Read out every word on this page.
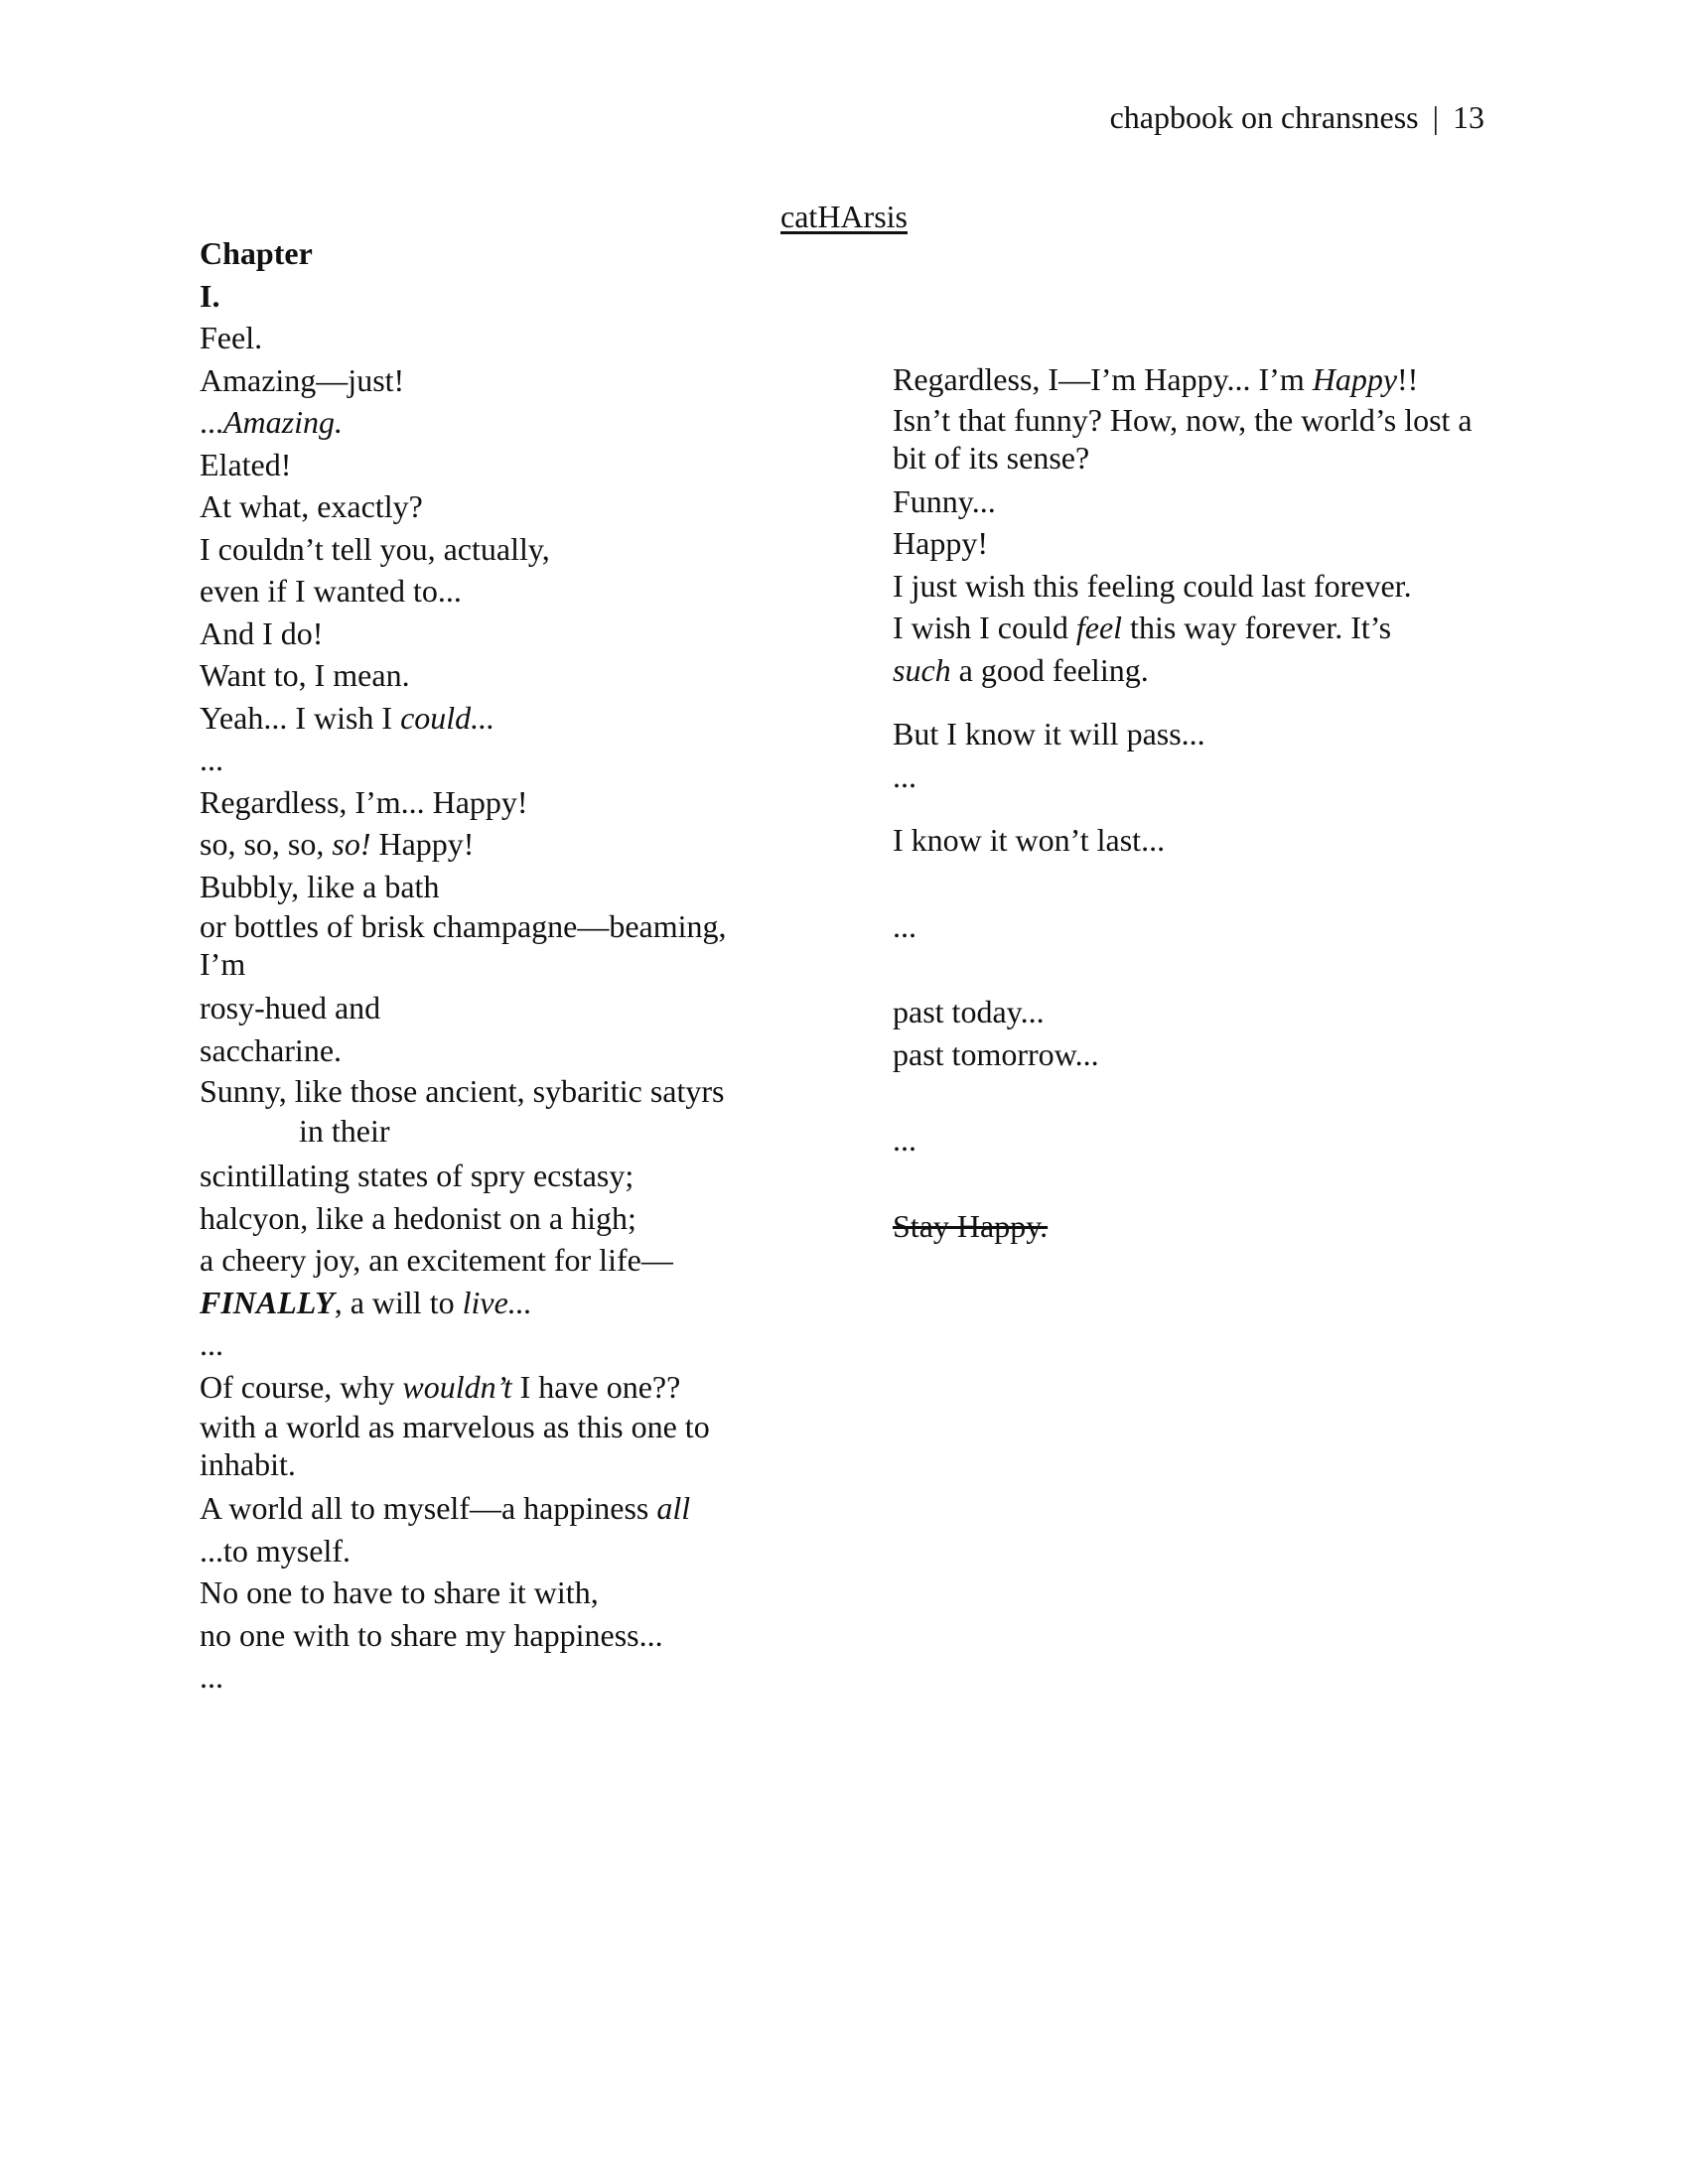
chapbook on chransness | 13
catHArsis
Chapter
I.
Feel.
Amazing—just!
...Amazing.
Elated!
At what, exactly?
I couldn’t tell you, actually,
even if I wanted to...
And I do!
Want to, I mean.
Yeah... I wish I could...
...
Regardless, I’m... Happy!
so, so, so, so! Happy!
Bubbly, like a bath
or bottles of brisk champagne—beaming, I’m
rosy-hued and
saccharine.
Sunny, like those ancient, sybaritic satyrs
in their
scintillating states of spry ecstasy;
halcyon, like a hedonist on a high;
a cheery joy, an excitement for life—
FINALLY, a will to live...
...
Of course, why wouldn’t I have one??
with a world as marvelous as this one to inhabit.
A world all to myself—a happiness all
...to myself.
No one to have to share it with,
no one with to share my happiness...
...
Regardless, I—I’m Happy... I’m Happy!!
Isn’t that funny? How, now, the world’s lost a bit of its sense?
Funny...
Happy!
I just wish this feeling could last forever.
I wish I could feel this way forever. It’s
such a good feeling.
But I know it will pass...
...
I know it won’t last...
...
past today...
past tomorrow...
...
Stay Happy.
